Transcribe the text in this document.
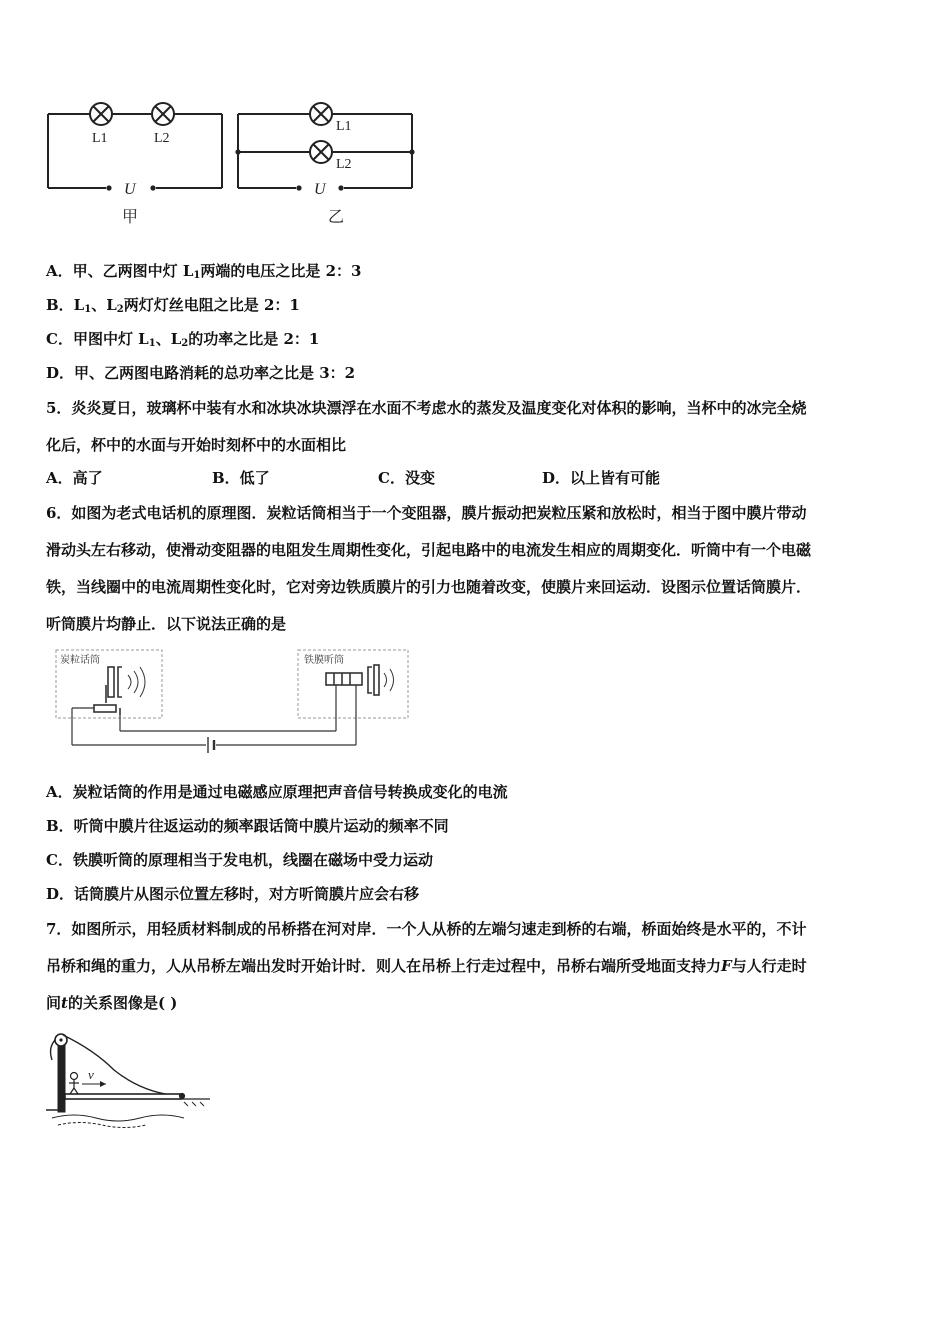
L1	L2
U
甲
L1
L2
U
乙
A．甲、乙两图中灯 $L_1$两端的电压之比是 2：3
B．$L_1$、$L_2$两灯灯丝电阻之比是 2：1
C．甲图中灯 $L_1$、$L_2$的功率之比是 2：1
D．甲、乙两图电路消耗的总功率之比是 3：2
5．炎炎夏日，玻璃杯中装有水和冰块冰块漂浮在水面不考虑水的蒸发及温度变化对体积的影响，当杯中的冰完全烧
化后，杯中的水面与开始时刻杯中的水面相比
A．高了	B．低了	C．没变	D．以上皆有可能
6．如图为老式电话机的原理图．炭粒话筒相当于一个变阻器，膜片振动把炭粒压紧和放松时，相当于图中膜片带动
滑动头左右移动，使滑动变阻器的电阻发生周期性变化，引起电路中的电流发生相应的周期变化．听筒中有一个电磁
铁，当线圈中的电流周期性变化时，它对旁边铁质膜片的引力也随着改变，使膜片来回运动．设图示位置话筒膜片．
听筒膜片均静止．以下说法正确的是
炭粒话筒	铁膜听筒
A．炭粒话筒的作用是通过电磁感应原理把声音信号转换成变化的电流
B．听筒中膜片往返运动的频率跟话筒中膜片运动的频率不同
C．铁膜听筒的原理相当于发电机，线圈在磁场中受力运动
D．话筒膜片从图示位置左移时，对方听筒膜片应会右移
7．如图所示，用轻质材料制成的吊桥搭在河对岸．一个人从桥的左端匀速走到桥的右端，桥面始终是水平的，不计
吊桥和绳的重力，人从吊桥左端出发时开始计时．则人在吊桥上行走过程中，吊桥右端所受地面支持力F与人行走时
间t的关系图像是( )
v
